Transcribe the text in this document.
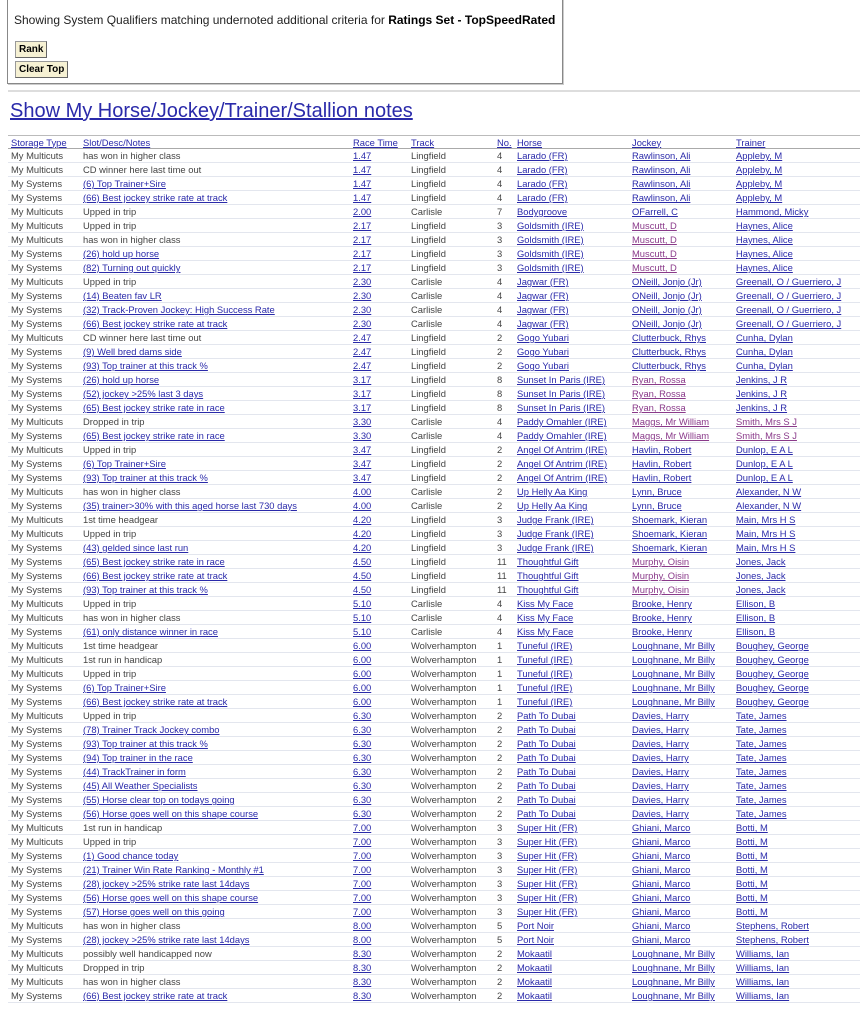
Showing System Qualifiers matching undernoted additional criteria for Ratings Set - TopSpeedRated
Rank
Clear Top
Show My Horse/Jockey/Trainer/Stallion notes
Storage Type	Slot/Desc/Notes	Race Time	Track	No.	Horse	Jockey	Trainer
My Multicuts	has won in higher class	1.47	Lingfield	4	Larado (FR)	Rawlinson, Ali	Appleby, M
My Multicuts	CD winner here last time out	1.47	Lingfield	4	Larado (FR)	Rawlinson, Ali	Appleby, M
My Systems	(6) Top Trainer+Sire	1.47	Lingfield	4	Larado (FR)	Rawlinson, Ali	Appleby, M
My Systems	(66) Best jockey strike rate at track	1.47	Lingfield	4	Larado (FR)	Rawlinson, Ali	Appleby, M
My Multicuts	Upped in trip	2.00	Carlisle	7	Bodygroove	OFarrell, C	Hammond, Micky
My Multicuts	Upped in trip	2.17	Lingfield	3	Goldsmith (IRE)	Muscutt, D	Haynes, Alice
My Multicuts	has won in higher class	2.17	Lingfield	3	Goldsmith (IRE)	Muscutt, D	Haynes, Alice
My Systems	(26) hold up horse	2.17	Lingfield	3	Goldsmith (IRE)	Muscutt, D	Haynes, Alice
My Systems	(82) Turning out quickly	2.17	Lingfield	3	Goldsmith (IRE)	Muscutt, D	Haynes, Alice
My Multicuts	Upped in trip	2.30	Carlisle	4	Jagwar (FR)	ONeill, Jonjo (Jr)	Greenall, O / Guerriero, J
My Systems	(14) Beaten fav LR	2.30	Carlisle	4	Jagwar (FR)	ONeill, Jonjo (Jr)	Greenall, O / Guerriero, J
My Systems	(32) Track-Proven Jockey: High Success Rate	2.30	Carlisle	4	Jagwar (FR)	ONeill, Jonjo (Jr)	Greenall, O / Guerriero, J
My Systems	(66) Best jockey strike rate at track	2.30	Carlisle	4	Jagwar (FR)	ONeill, Jonjo (Jr)	Greenall, O / Guerriero, J
My Multicuts	CD winner here last time out	2.47	Lingfield	2	Gogo Yubari	Clutterbuck, Rhys	Cunha, Dylan
My Systems	(9) Well bred dams side	2.47	Lingfield	2	Gogo Yubari	Clutterbuck, Rhys	Cunha, Dylan
My Systems	(93) Top trainer at this track %	2.47	Lingfield	2	Gogo Yubari	Clutterbuck, Rhys	Cunha, Dylan
My Systems	(26) hold up horse	3.17	Lingfield	8	Sunset In Paris (IRE)	Ryan, Rossa	Jenkins, J R
My Systems	(52) jockey >25% last 3 days	3.17	Lingfield	8	Sunset In Paris (IRE)	Ryan, Rossa	Jenkins, J R
My Systems	(65) Best jockey strike rate in race	3.17	Lingfield	8	Sunset In Paris (IRE)	Ryan, Rossa	Jenkins, J R
My Multicuts	Dropped in trip	3.30	Carlisle	4	Paddy Omahler (IRE)	Maggs, Mr William	Smith, Mrs S J
My Systems	(65) Best jockey strike rate in race	3.30	Carlisle	4	Paddy Omahler (IRE)	Maggs, Mr William	Smith, Mrs S J
My Multicuts	Upped in trip	3.47	Lingfield	2	Angel Of Antrim (IRE)	Havlin, Robert	Dunlop, E A L
My Systems	(6) Top Trainer+Sire	3.47	Lingfield	2	Angel Of Antrim (IRE)	Havlin, Robert	Dunlop, E A L
My Systems	(93) Top trainer at this track %	3.47	Lingfield	2	Angel Of Antrim (IRE)	Havlin, Robert	Dunlop, E A L
My Multicuts	has won in higher class	4.00	Carlisle	2	Up Helly Aa King	Lynn, Bruce	Alexander, N W
My Systems	(35) trainer>30% with this aged horse last 730 days	4.00	Carlisle	2	Up Helly Aa King	Lynn, Bruce	Alexander, N W
My Multicuts	1st time headgear	4.20	Lingfield	3	Judge Frank (IRE)	Shoemark, Kieran	Main, Mrs H S
My Multicuts	Upped in trip	4.20	Lingfield	3	Judge Frank (IRE)	Shoemark, Kieran	Main, Mrs H S
My Systems	(43) gelded since last run	4.20	Lingfield	3	Judge Frank (IRE)	Shoemark, Kieran	Main, Mrs H S
My Systems	(65) Best jockey strike rate in race	4.50	Lingfield	11	Thoughtful Gift	Murphy, Oisin	Jones, Jack
My Systems	(66) Best jockey strike rate at track	4.50	Lingfield	11	Thoughtful Gift	Murphy, Oisin	Jones, Jack
My Systems	(93) Top trainer at this track %	4.50	Lingfield	11	Thoughtful Gift	Murphy, Oisin	Jones, Jack
My Multicuts	Upped in trip	5.10	Carlisle	4	Kiss My Face	Brooke, Henry	Ellison, B
My Multicuts	has won in higher class	5.10	Carlisle	4	Kiss My Face	Brooke, Henry	Ellison, B
My Systems	(61) only distance winner in race	5.10	Carlisle	4	Kiss My Face	Brooke, Henry	Ellison, B
My Multicuts	1st time headgear	6.00	Wolverhampton	1	Tuneful (IRE)	Loughnane, Mr Billy	Boughey, George
My Multicuts	1st run in handicap	6.00	Wolverhampton	1	Tuneful (IRE)	Loughnane, Mr Billy	Boughey, George
My Multicuts	Upped in trip	6.00	Wolverhampton	1	Tuneful (IRE)	Loughnane, Mr Billy	Boughey, George
My Systems	(6) Top Trainer+Sire	6.00	Wolverhampton	1	Tuneful (IRE)	Loughnane, Mr Billy	Boughey, George
My Systems	(66) Best jockey strike rate at track	6.00	Wolverhampton	1	Tuneful (IRE)	Loughnane, Mr Billy	Boughey, George
My Multicuts	Upped in trip	6.30	Wolverhampton	2	Path To Dubai	Davies, Harry	Tate, James
My Systems	(78) Trainer Track Jockey combo	6.30	Wolverhampton	2	Path To Dubai	Davies, Harry	Tate, James
My Systems	(93) Top trainer at this track %	6.30	Wolverhampton	2	Path To Dubai	Davies, Harry	Tate, James
My Systems	(94) Top trainer in the race	6.30	Wolverhampton	2	Path To Dubai	Davies, Harry	Tate, James
My Systems	(44) TrackTrainer in form	6.30	Wolverhampton	2	Path To Dubai	Davies, Harry	Tate, James
My Systems	(45) All Weather Specialists	6.30	Wolverhampton	2	Path To Dubai	Davies, Harry	Tate, James
My Systems	(55) Horse clear top on todays going	6.30	Wolverhampton	2	Path To Dubai	Davies, Harry	Tate, James
My Systems	(56) Horse goes well on this shape course	6.30	Wolverhampton	2	Path To Dubai	Davies, Harry	Tate, James
My Multicuts	1st run in handicap	7.00	Wolverhampton	3	Super Hit (FR)	Ghiani, Marco	Botti, M
My Multicuts	Upped in trip	7.00	Wolverhampton	3	Super Hit (FR)	Ghiani, Marco	Botti, M
My Systems	(1) Good chance today	7.00	Wolverhampton	3	Super Hit (FR)	Ghiani, Marco	Botti, M
My Systems	(21) Trainer Win Rate Ranking - Monthly #1	7.00	Wolverhampton	3	Super Hit (FR)	Ghiani, Marco	Botti, M
My Systems	(28) jockey >25% strike rate last 14days	7.00	Wolverhampton	3	Super Hit (FR)	Ghiani, Marco	Botti, M
My Systems	(56) Horse goes well on this shape course	7.00	Wolverhampton	3	Super Hit (FR)	Ghiani, Marco	Botti, M
My Systems	(57) Horse goes well on this going	7.00	Wolverhampton	3	Super Hit (FR)	Ghiani, Marco	Botti, M
My Multicuts	has won in higher class	8.00	Wolverhampton	5	Port Noir	Ghiani, Marco	Stephens, Robert
My Systems	(28) jockey >25% strike rate last 14days	8.00	Wolverhampton	5	Port Noir	Ghiani, Marco	Stephens, Robert
My Multicuts	possibly well handicapped now	8.30	Wolverhampton	2	Mokaatil	Loughnane, Mr Billy	Williams, Ian
My Multicuts	Dropped in trip	8.30	Wolverhampton	2	Mokaatil	Loughnane, Mr Billy	Williams, Ian
My Multicuts	has won in higher class	8.30	Wolverhampton	2	Mokaatil	Loughnane, Mr Billy	Williams, Ian
My Systems	(66) Best jockey strike rate at track	8.30	Wolverhampton	2	Mokaatil	Loughnane, Mr Billy	Williams, Ian
